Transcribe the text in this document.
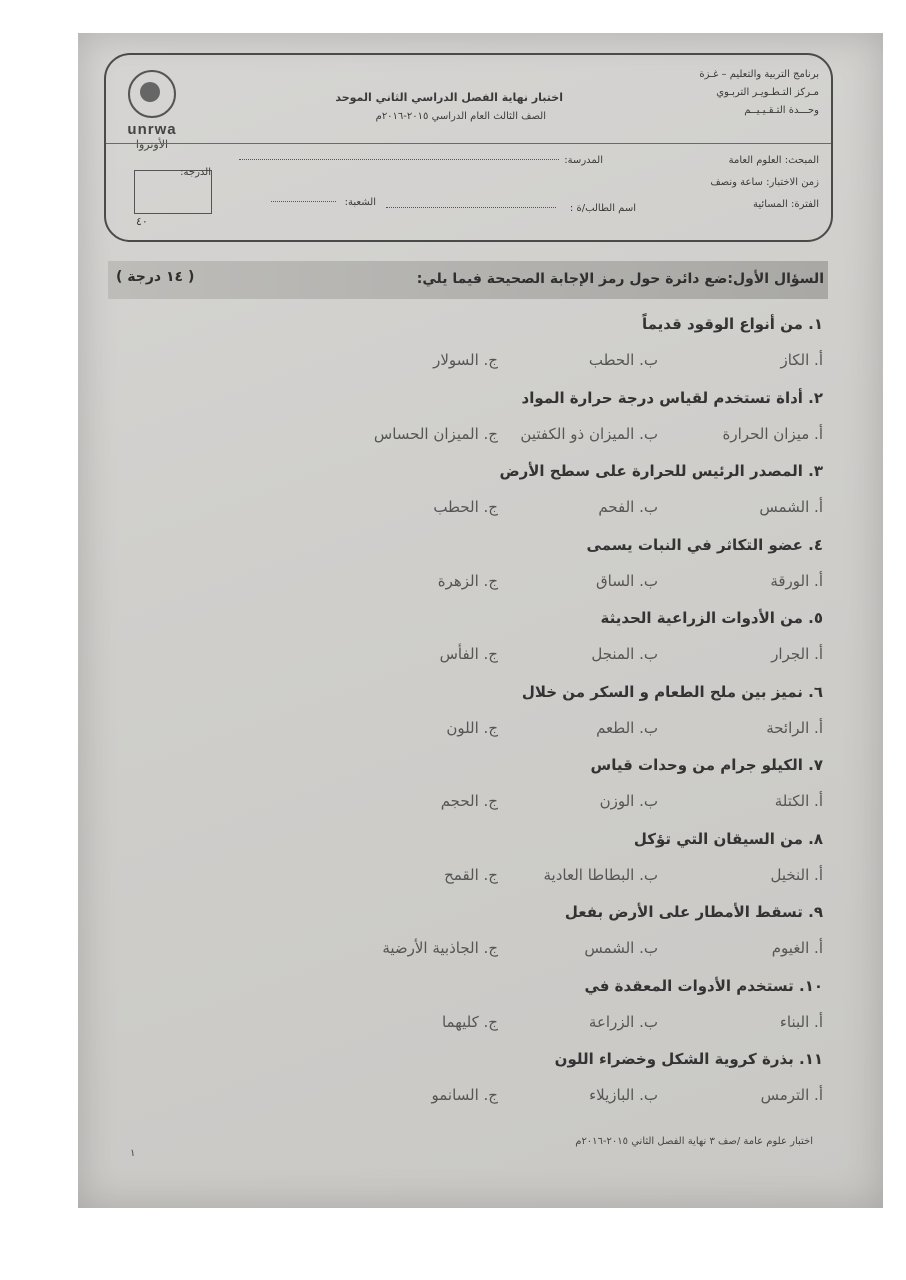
unrwa
الأونروا
برنامج التربية والتعليم – غـزة
مـركز التـطـويـر التربـوي
وحـــدة التـقـيـيــم
اختبار نهاية الفصل الدراسي الثاني الموحد
الصف الثالث العام الدراسي ٢٠١٥-٢٠١٦م
المبحث: العلوم العامة
زمن الاختبار: ساعة ونصف
الفترة: المسائية
المدرسة:
الدرجة:
اسم الطالب/ة :
الشعبة:
٤٠
السؤال الأول:ضع دائرة حول رمز الإجابة الصحيحة فيما يلي:
( ١٤ درجة )
١. من أنواع الوقود قديماً
أ. الكاز
ب. الحطب
ج. السولار
٢. أداة تستخدم لقياس درجة حرارة المواد
أ. ميزان الحرارة
ب. الميزان ذو الكفتين
ج. الميزان الحساس
٣. المصدر الرئيس للحرارة على سطح الأرض
أ. الشمس
ب. الفحم
ج. الحطب
٤. عضو التكاثر في النبات يسمى
أ. الورقة
ب. الساق
ج. الزهرة
٥. من الأدوات الزراعية الحديثة
أ. الجرار
ب. المنجل
ج. الفأس
٦. نميز بين ملح الطعام و السكر من خلال
أ. الرائحة
ب. الطعم
ج. اللون
٧. الكيلو جرام من وحدات قياس
أ. الكتلة
ب. الوزن
ج. الحجم
٨. من السيقان التي تؤكل
أ. النخيل
ب. البطاطا العادية
ج. القمح
٩. تسقط الأمطار على الأرض بفعل
أ. الغيوم
ب. الشمس
ج. الجاذبية الأرضية
١٠. تستخدم الأدوات المعقدة في
أ. البناء
ب. الزراعة
ج. كليهما
١١. بذرة كروية الشكل وخضراء اللون
أ. الترمس
ب. البازيلاء
ج. السانمو
اختبار علوم عامة /صف ٣ نهاية الفصل الثاني ٢٠١٥-٢٠١٦م
١
